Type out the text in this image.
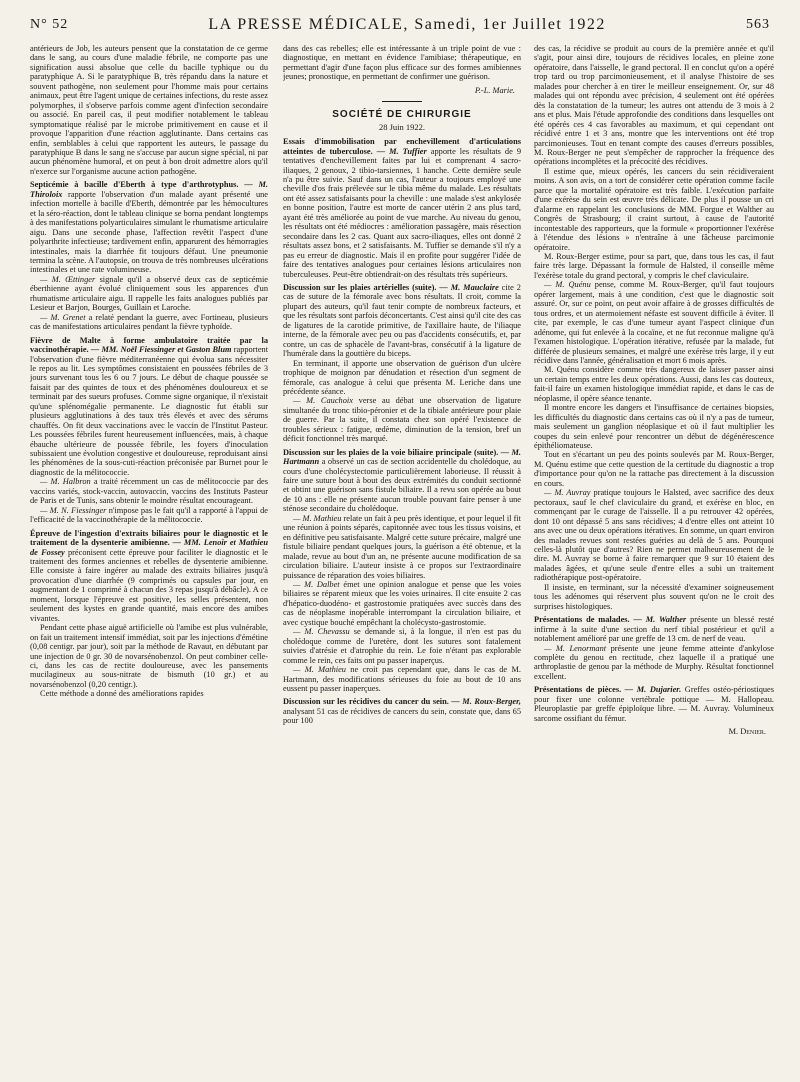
N° 52	LA PRESSE MÉDICALE, Samedi, 1er Juillet 1922	563

antérieurs de Job, les auteurs pensent que la constatation de ce germe dans le sang, au cours d'une maladie fébrile, ne comporte pas une signification aussi absolue que celle du bacille typhique ou du paratyphique A. Si le paratyphique B, très répandu dans la nature et souvent pathogène, non seulement pour l'homme mais pour certains animaux, peut être l'agent unique de certaines infections, du reste assez polymorphes, il s'observe parfois comme agent d'infection secondaire ou associé. En pareil cas, il peut modifier notablement le tableau symptomatique réalisé par le microbe primitivement en cause et il provoque l'apparition d'une réaction agglutinante. Dans certains cas enfin, semblables à celui que rapportent les auteurs, le passage du paratyphique B dans le sang ne s'accuse par aucun signe spécial, ni par aucun phénomène humoral, et on peut à bon droit admettre alors qu'il n'exerce sur l'organisme aucune action pathogène.

Septicémie à bacille d'Eberth à type d'arthrotyphus. — M. Thiroloix rapporte l'observation d'un malade ayant présenté une infection mortelle à bacille d'Eberth, démontrée par les hémocultures et la séro-réaction, dont le tableau clinique se borna pendant longtemps à des manifestations polyarticulaires simulant le rhumatisme articulaire aigu. Dans une seconde phase, l'affection revêtit l'aspect d'une polyarthrite infectieuse; tardivement enfin, apparurent des hémorragies intestinales, mais la diarrhée fit toujours défaut. Une pneumonie termina la scène. A l'autopsie, on trouva de très nombreuses ulcérations intestinales et une rate volumineuse.

— M. Œttinger signale qu'il a observé deux cas de septicémie éberthienne ayant évolué cliniquement sous les apparences d'un rhumatisme articulaire aigu. Il rappelle les faits analogues publiés par Lesieur et Barjon, Bourges, Guillain et Laroche.

— M. Grenet a relaté pendant la guerre, avec Fortineau, plusieurs cas de manifestations articulaires pendant la fièvre typhoïde.

Fièvre de Malte à forme ambulatoire traitée par la vaccinothérapie. — MM. Noël Fiessinger et Gaston Blum rapportent l'observation d'une fièvre méditerranéenne qui évolua sans nécessiter le repos au lit. Les symptômes consistaient en poussées fébriles de 3 jours survenant tous les 6 ou 7 jours. Le début de chaque poussée se faisait par des quintes de toux et des phénomènes douloureux et se terminait par des sueurs profuses. Comme signe organique, il n'existait qu'une splénomégalie permanente. Le diagnostic fut établi sur plusieurs agglutinations à des taux très élevés et avec des sérums chauffés. On fit deux vaccinations avec le vaccin de l'Institut Pasteur. Les poussées fébriles furent heureusement influencées, mais, à chaque ébauche ultérieure de poussée fébrile, les foyers d'inoculation subissaient une évolution congestive et douloureuse, reproduisant ainsi les phénomènes de la sous-cuti-réaction préconisée par Burnet pour le diagnostic de la mélitococcie.

— M. Halbron a traité récemment un cas de mélitococcie par des vaccins variés, stock-vaccin, autovaccin, vaccins des Instituts Pasteur de Paris et de Tunis, sans obtenir le moindre résultat encourageant.

— M. N. Fiessinger n'impose pas le fait qu'il a rapporté à l'appui de l'efficacité de la vaccinothérapie de la mélitococcie.

Épreuve de l'ingestion d'extraits biliaires pour le diagnostic et le traitement de la dysenterie amibienne. — MM. Lenoir et Mathieu de Fossey préconisent cette épreuve pour faciliter le diagnostic et le traitement des formes anciennes et rebelles de dysenterie amibienne. Elle consiste à faire ingérer au malade des extraits biliaires jusqu'à provocation d'une diarrhée (9 comprimés ou capsules par jour, en augmentant de 1 comprimé à chacun des 3 repas jusqu'à débâcle). A ce moment, lorsque l'épreuve est positive, les selles présentent, non seulement des kystes en grande quantité, mais encore des amibes vivantes.

Pendant cette phase aiguë artificielle où l'amibe est plus vulnérable, on fait un traitement intensif immédiat, soit par les injections d'émétine (0,08 centigr. par jour), soit par la méthode de Ravaut, en débutant par une injection de 0 gr. 30 de novarsénobenzol. On peut combiner celle-ci, dans les cas de rectite douloureuse, avec les pansements mucilagineux au sous-nitrate de bismuth (10 gr.) et au novarsénobenzol (0,20 centigr.).

Cette méthode a donné des améliorations rapides

dans des cas rebelles; elle est intéressante à un triple point de vue : diagnostique, en mettant en évidence l'amibiase; thérapeutique, en permettant d'agir d'une façon plus efficace sur des formes amibiennes jeunes; pronostique, en permettant de confirmer une guérison.

P.-L. Marie.

SOCIÉTÉ DE CHIRURGIE
28 Juin 1922.

Essais d'immobilisation par enchevillement d'articulations atteintes de tuberculose. — M. Tuffier apporte les résultats de 9 tentatives d'enchevillement faites par lui et comprenant 4 sacro-iliaques, 2 genoux, 2 tibio-tarsiennes, 1 hanche. Cette dernière seule n'a pu être suivie. Sauf dans un cas, l'auteur a toujours employé une cheville d'os frais prélevée sur le tibia même du malade. Les résultats ont été assez satisfaisants pour la cheville : une malade s'est ankylosée en bonne position, l'autre est morte de cancer utérin 2 ans plus tard, ayant été très améliorée au point de vue marche. Au niveau du genou, les résultats ont été médiocres : amélioration passagère, mais résection secondaire dans les 2 cas. Quant aux sacro-iliaques, elles ont donné 2 résultats assez bons, et 2 satisfaisants. M. Tuffier se demande s'il n'y a pas eu erreur de diagnostic. Mais il en profite pour suggérer l'idée de faire des tentatives analogues pour certaines lésions articulaires non tuberculeuses. Peut-être obtiendrait-on des résultats très supérieurs.

Discussion sur les plaies artérielles (suite). — M. Mauclaire cite 2 cas de suture de la fémorale avec bons résultats. Il croit, comme la plupart des auteurs, qu'il faut tenir compte de nombreux facteurs, et que les résultats sont parfois déconcertants. C'est ainsi qu'il cite des cas de ligatures de la carotide primitive, de l'axillaire haute, de l'iliaque interne, de la fémorale avec peu ou pas d'accidents consécutifs, et, par contre, un cas de sphacèle de l'avant-bras, consécutif à la ligature de l'humérale dans la gouttière du biceps.

En terminant, il apporte une observation de guérison d'un ulcère trophique de moignon par dénudation et résection d'un segment de fémorale, cas analogue à celui que présenta M. Leriche dans une précédente séance.

— M. Cauchoix verse au débat une observation de ligature simultanée du tronc tibio-péronier et de la tibiale antérieure pour plaie de guerre. Par la suite, il constata chez son opéré l'existence de troubles sérieux : fatigue, œdème, diminution de la tension, bref un déficit fonctionnel très marqué.

Discussion sur les plaies de la voie biliaire principale (suite). — M. Hartmann a observé un cas de section accidentelle du cholédoque, au cours d'une cholécystectomie particulièrement laborieuse. Il réussit à faire une suture bout à bout des deux extrémités du conduit sectionné et obtint une guérison sans fistule biliaire. Il a revu son opérée au bout de 10 ans : elle ne présente aucun trouble pouvant faire penser à une sténose secondaire du cholédoque.

— M. Mathieu relate un fait à peu près identique, et pour lequel il fit une réunion à points séparés, capitonnée avec tous les tissus voisins, et en définitive peu satisfaisante. Malgré cette suture précaire, malgré une fistule biliaire pendant quelques jours, la guérison a été obtenue, et la malade, revue au bout d'un an, ne présente aucune modification de sa circulation biliaire. L'auteur insiste à ce propos sur l'extraordinaire puissance de réparation des voies biliaires.

— M. Dalbet émet une opinion analogue et pense que les voies biliaires se réparent mieux que les voies urinaires. Il cite ensuite 2 cas d'hépatico-duodéno- et gastrostomie pratiquées avec succès dans des cas de néoplasme inopérable interrompant la circulation biliaire, et avec cystique bouché empêchant la cholécysto-gastrostomie.

— M. Chevassu se demande si, à la longue, il n'en est pas du cholédoque comme de l'uretère, dont les sutures sont fatalement suivies d'atrésie et d'atrophie du rein. Le foie n'étant pas explorable comme le rein, ces faits ont pu passer inaperçus.

— M. Mathieu ne croit pas cependant que, dans le cas de M. Hartmann, des modifications sérieuses du foie au bout de 10 ans eussent pu passer inaperçues.

Discussion sur les récidives du cancer du sein. — M. Roux-Berger, analysant 51 cas de récidives de cancers du sein, constate que, dans 65 pour 100

des cas, la récidive se produit au cours de la première année et qu'il s'agit, pour ainsi dire, toujours de récidives locales, en pleine zone opératoire, dans l'aisselle, le grand pectoral. Il en conclut qu'on a opéré trop tard ou trop parcimonieusement, et il analyse l'histoire de ses malades pour chercher à en tirer le meilleur enseignement. Or, sur 48 malades qui ont répondu avec précision, 4 seulement ont été opérées dès la constatation de la tumeur; les autres ont attendu de 3 mois à 2 ans et plus. Mais l'étude approfondie des conditions dans lesquelles ont été opérés ces 4 cas favorables au maximum, et qui cependant ont récidivé entre 1 et 3 ans, montre que les interventions ont été trop parcimonieuses. Tout en tenant compte des causes d'erreurs possibles, M. Roux-Berger ne peut s'empêcher de rapprocher la fréquence des opérations incomplètes et la précocité des récidives.

Il estime que, mieux opérés, les cancers du sein récidiveraient moins. A son avis, on a tort de considérer cette opération comme facile parce que la mortalité opératoire est très faible. L'exécution parfaite d'une exérèse du sein est œuvre très délicate. De plus il pousse un cri d'alarme en rappelant les conclusions de MM. Forgue et Walther au Congrès de Strasbourg; il craint surtout, à cause de l'autorité incontestable des rapporteurs, que la formule « proportionner l'exérèse à l'étendue des lésions » n'entraîne à une fâcheuse parcimonie opératoire.

M. Roux-Berger estime, pour sa part, que, dans tous les cas, il faut faire très large. Dépassant la formule de Halsted, il conseille même l'exérèse totale du grand pectoral, y compris le chef claviculaire.

— M. Quénu pense, comme M. Roux-Berger, qu'il faut toujours opérer largement, mais à une condition, c'est que le diagnostic soit assuré. Or, sur ce point, on peut avoir affaire à de grosses difficultés de tous ordres, et un atermoiement néfaste est souvent difficile à éviter. Il cite, par exemple, le cas d'une tumeur ayant l'aspect clinique d'un adénome, qui fut enlevée à la cocaïne, et ne fut reconnue maligne qu'à l'examen histologique. L'opération itérative, refusée par la malade, fut différée de plusieurs semaines, et malgré une exérèse très large, il y eut récidive dans l'année, généralisation et mort 6 mois après.

M. Quénu considère comme très dangereux de laisser passer ainsi un certain temps entre les deux opérations. Aussi, dans les cas douteux, fait-il faire un examen histologique immédiat rapide, et dans le cas de néoplasme, il opère séance tenante.

Il montre encore les dangers et l'insuffisance de certaines biopsies, les difficultés du diagnostic dans certains cas où il n'y a pas de tumeur, mais seulement un ganglion néoplasique et où il faut multiplier les coupes du sein enlevé pour rencontrer un début de dégénérescence épithéliomateuse.

Tout en s'écartant un peu des points soulevés par M. Roux-Berger, M. Quénu estime que cette question de la certitude du diagnostic a trop d'importance pour qu'on ne la rattache pas directement à la discussion en cours.

— M. Auvray pratique toujours le Halsted, avec sacrifice des deux pectoraux, sauf le chef claviculaire du grand, et exérèse en bloc, en commençant par le curage de l'aisselle. Il a pu retrouver 42 opérées, dont 10 ont dépassé 5 ans sans récidives; 4 d'entre elles ont atteint 10 ans avec une ou deux opérations itératives. En somme, un quart environ des malades revues sont restées guéries au delà de 5 ans. Pourquoi celles-là plutôt que d'autres? Rien ne permet malheureusement de le dire. M. Auvray se borne à faire remarquer que 9 sur 10 étaient des malades âgées, et qu'une seule d'entre elles a subi un traitement radiothérapique post-opératoire.

Il insiste, en terminant, sur la nécessité d'examiner soigneusement tous les adénomes qui réservent plus souvent qu'on ne le croit des surprises histologiques.

Présentations de malades. — M. Walther présente un blessé resté infirme à la suite d'une section du nerf tibial postérieur et qu'il a notablement amélioré par une greffe de 13 cm. de nerf de veau.

— M. Lenormant présente une jeune femme atteinte d'ankylose complète du genou en rectitude, chez laquelle il a pratiqué une arthroplastie de genou par la méthode de Murphy. Résultat fonctionnel excellent.

Présentations de pièces. — M. Dujarier. Greffes ostéo-périostiques pour fixer une colonne vertébrale pottique — M. Hallopeau. Pleuroplastie par greffe épiploïque libre. — M. Auvray. Volumineux sarcome ossifiant du fémur.

M. Denier.
